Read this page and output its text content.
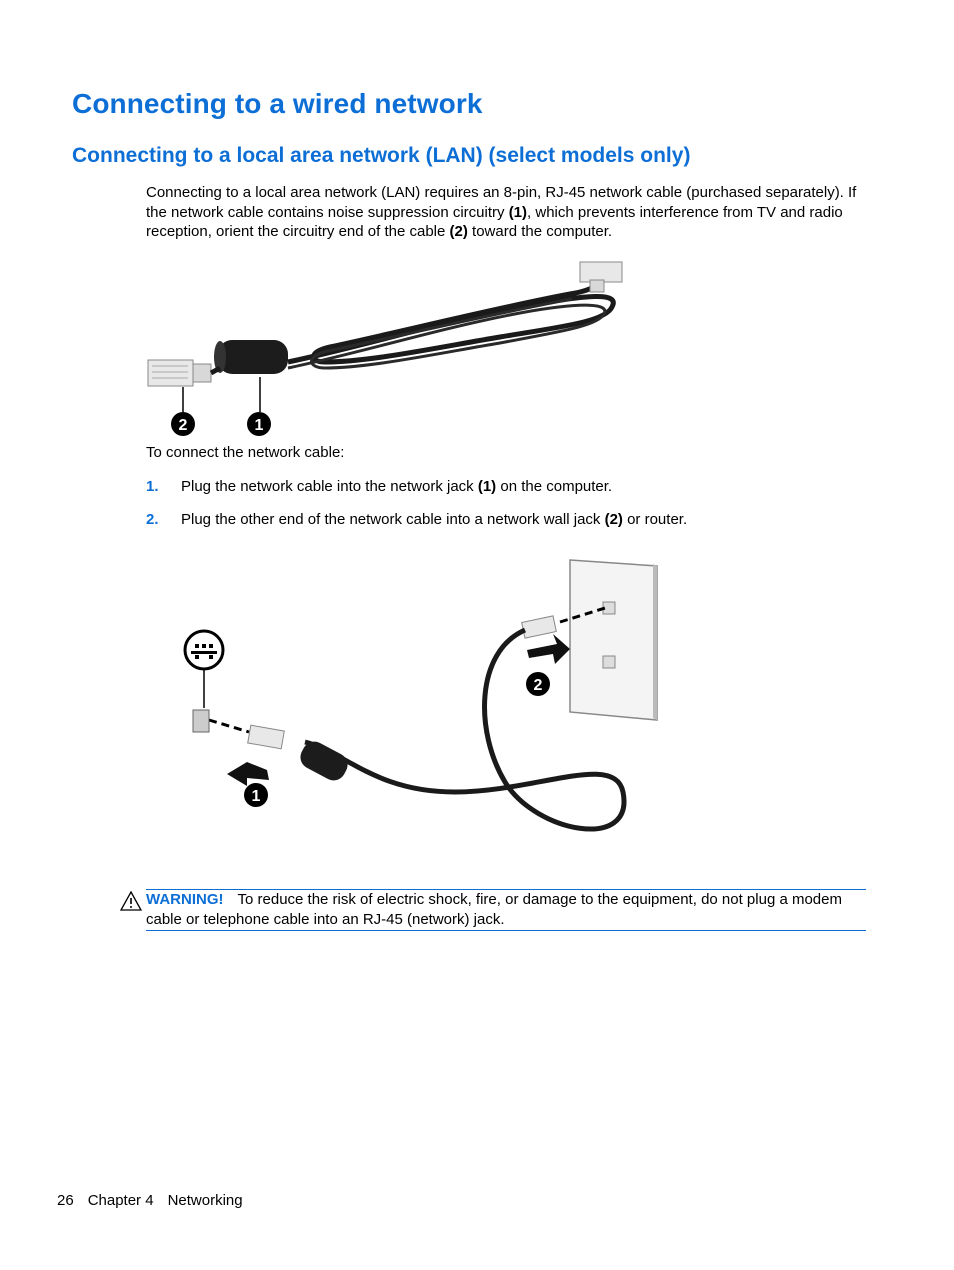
Connecting to a wired network
Connecting to a local area network (LAN) (select models only)

Connecting to a local area network (LAN) requires an 8-pin, RJ-45 network cable (purchased separately). If the network cable contains noise suppression circuitry (1), which prevents interference from TV and radio reception, orient the circuitry end of the cable (2) toward the computer.

2	1

To connect the network cable:

1. Plug the network cable into the network jack (1) on the computer.
2. Plug the other end of the network cable into a network wall jack (2) or router.
2
1
WARNING! To reduce the risk of electric shock, fire, or damage to the equipment, do not plug a modem cable or telephone cable into an RJ-45 (network) jack.
26 Chapter 4 Networking
